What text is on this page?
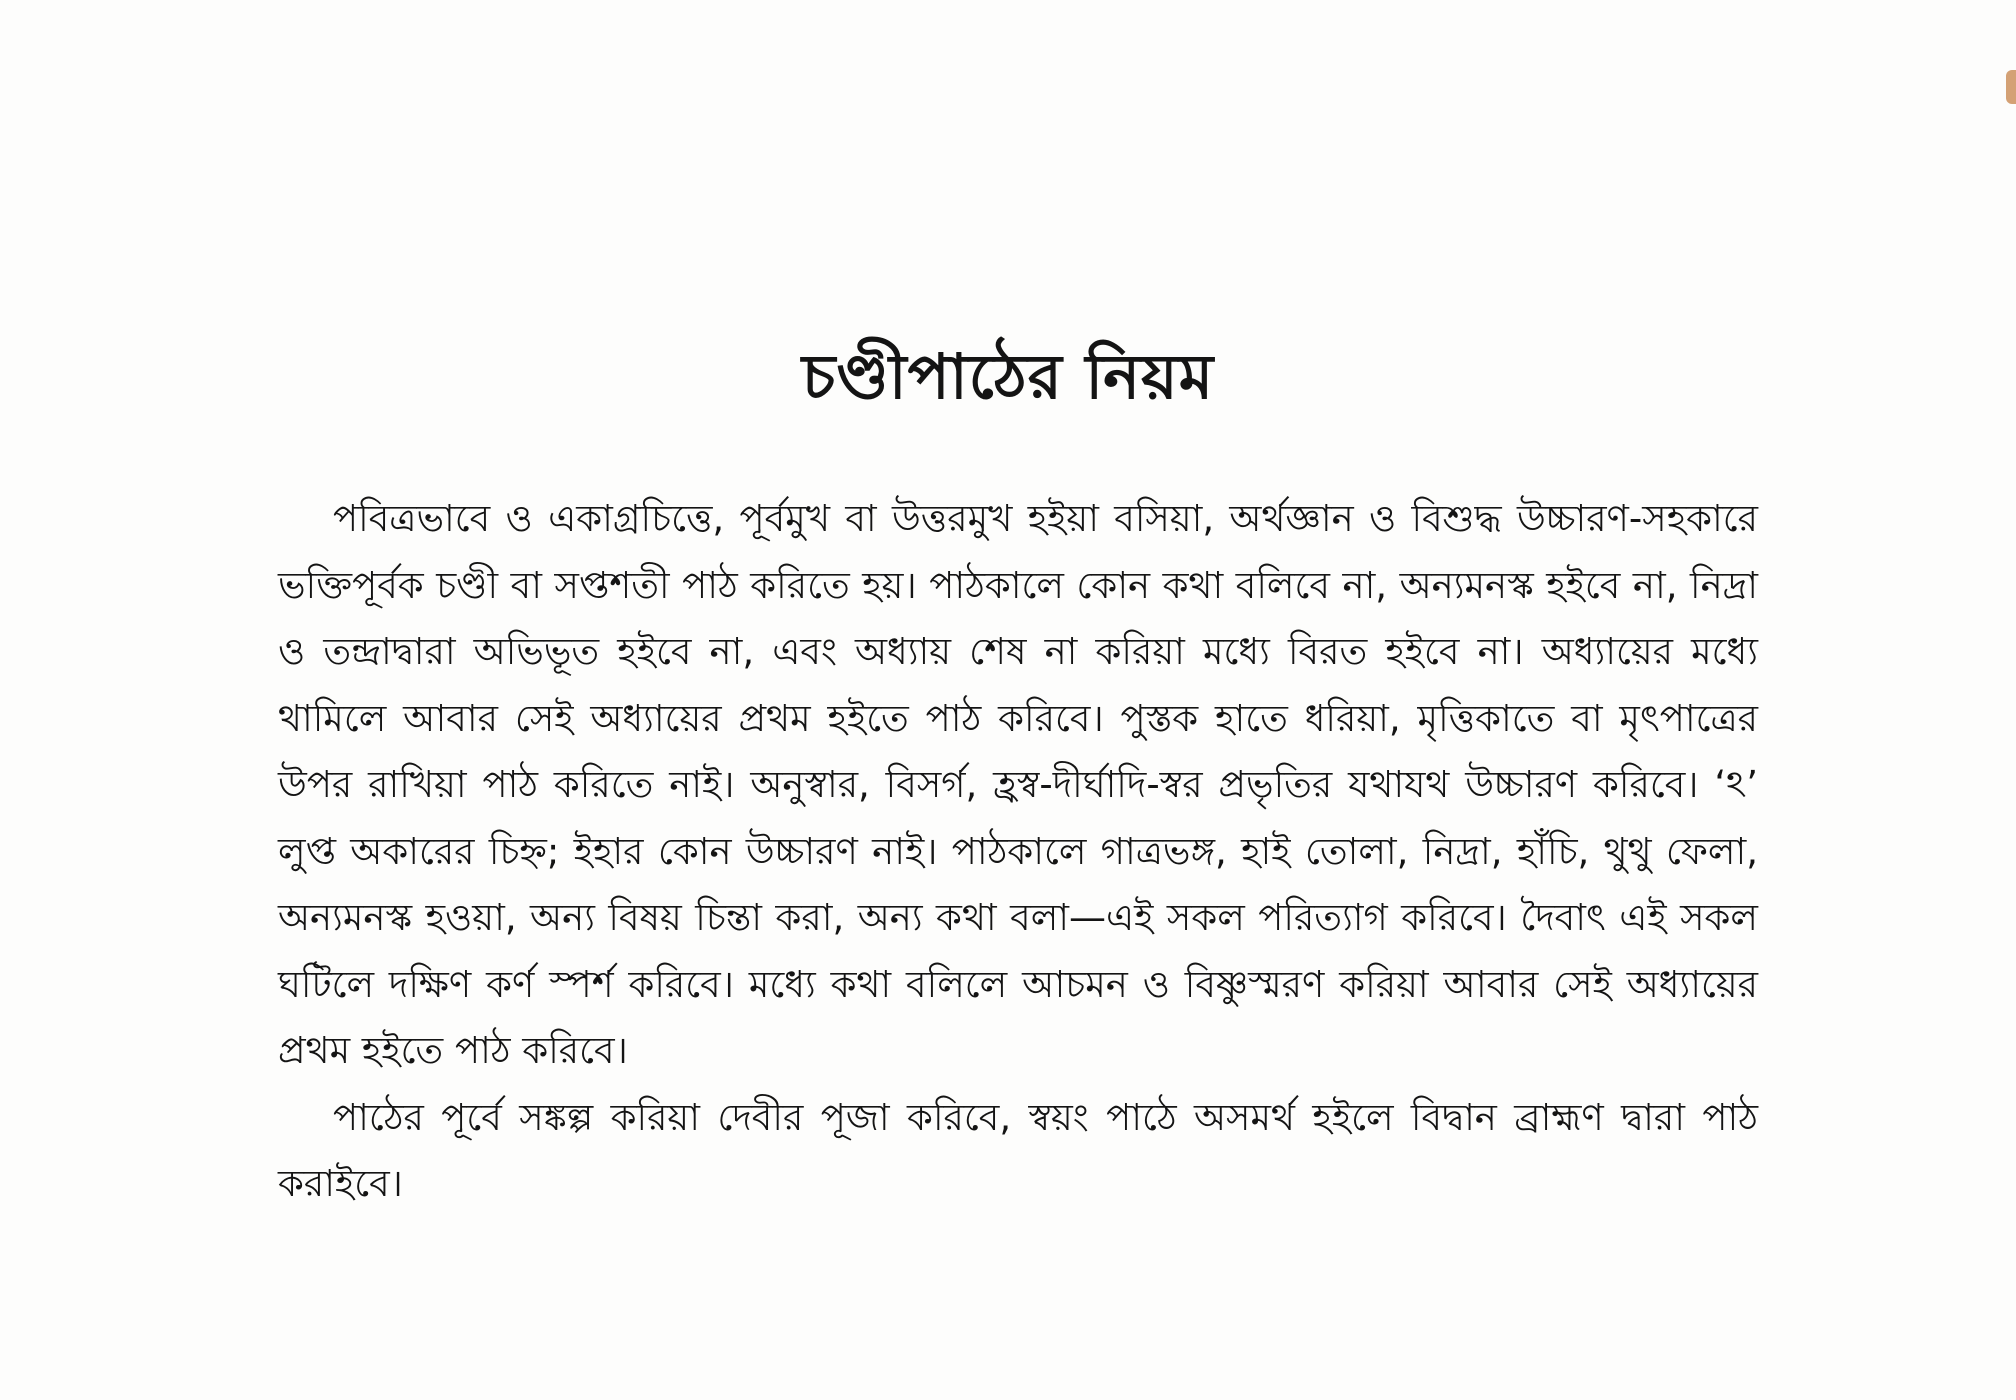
চণ্ডীপাঠের নিয়ম

পবিত্রভাবে ও একাগ্রচিত্তে, পূর্বমুখ বা উত্তরমুখ হইয়া বসিয়া, অর্থজ্ঞান ও বিশুদ্ধ উচ্চারণ-সহকারে ভক্তিপূর্বক চণ্ডী বা সপ্তশতী পাঠ করিতে হয়। পাঠকালে কোন কথা বলিবে না, অন্যমনস্ক হইবে না, নিদ্রা ও তন্দ্রাদ্বারা অভিভূত হইবে না, এবং অধ্যায় শেষ না করিয়া মধ্যে বিরত হইবে না। অধ্যায়ের মধ্যে থামিলে আবার সেই অধ্যায়ের প্রথম হইতে পাঠ করিবে। পুস্তক হাতে ধরিয়া, মৃত্তিকাতে বা মৃৎপাত্রের উপর রাখিয়া পাঠ করিতে নাই। অনুস্বার, বিসর্গ, হ্রস্ব-দীর্ঘাদি-স্বর প্রভৃতির যথাযথ উচ্চারণ করিবে। ‘ঽ’ লুপ্ত অকারের চিহ্ন; ইহার কোন উচ্চারণ নাই। পাঠকালে গাত্রভঙ্গ, হাই তোলা, নিদ্রা, হাঁচি, থুথু ফেলা, অন্যমনস্ক হওয়া, অন্য বিষয় চিন্তা করা, অন্য কথা বলা—এই সকল পরিত্যাগ করিবে। দৈবাৎ এই সকল ঘটিলে দক্ষিণ কর্ণ স্পর্শ করিবে। মধ্যে কথা বলিলে আচমন ও বিষ্ণুস্মরণ করিয়া আবার সেই অধ্যায়ের প্রথম হইতে পাঠ করিবে।

পাঠের পূর্বে সঙ্কল্প করিয়া দেবীর পূজা করিবে, স্বয়ং পাঠে অসমর্থ হইলে বিদ্বান ব্রাহ্মণ দ্বারা পাঠ করাইবে।
